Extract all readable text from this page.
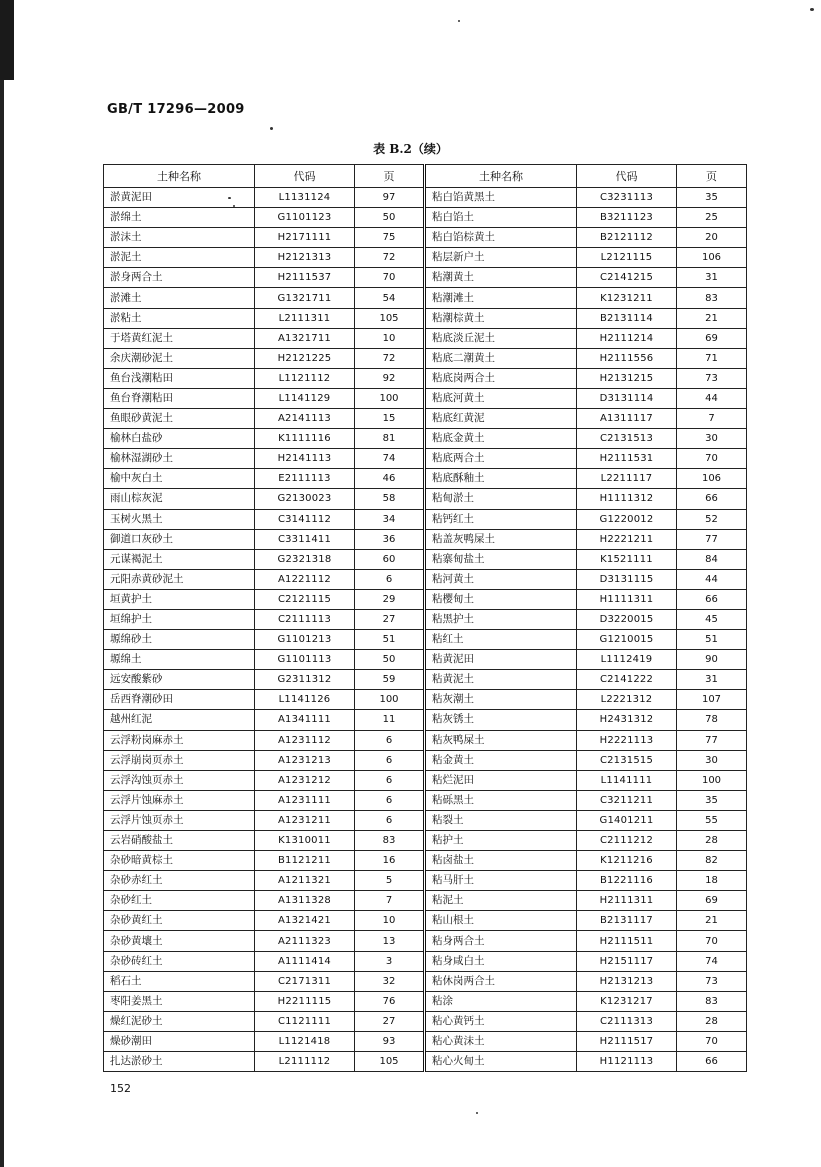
GB/T 17296—2009
表 B.2（续）
土种名称	代码	页	土种名称	代码	页
淤黄泥田	L1131124	97	粘白馅黄黑土	C3231113	35
淤绵土	G1101123	50	粘白馅土	B3211123	25
淤沫土	H2171111	75	粘白馅棕黄土	B2121112	20
淤泥土	H2121313	72	粘层新户土	L2121115	106
淤身两合土	H2111537	70	粘潮黄土	C2141215	31
淤滩土	G1321711	54	粘潮滩土	K1231211	83
淤粘土	L2111311	105	粘潮棕黄土	B2131114	21
于塔黄红泥土	A1321711	10	粘底淡丘泥土	H2111214	69
余庆潮砂泥土	H2121225	72	粘底二潮黄土	H2111556	71
鱼台浅潮粘田	L1121112	92	粘底岗两合土	H2131215	73
鱼台脊潮粘田	L1141129	100	粘底河黄土	D3131114	44
鱼眼砂黄泥土	A2141113	15	粘底红黄泥	A1311117	7
榆林白盐砂	K1111116	81	粘底金黄土	C2131513	30
榆林湿湖砂土	H2141113	74	粘底两合土	H2111531	70
榆中灰白土	E2111113	46	粘底酥釉土	L2211117	106
雨山棕灰泥	G2130023	58	粘甸淤土	H1111312	66
玉树火黑土	C3141112	34	粘钙红土	G1220012	52
御道口灰砂土	C3311411	36	粘盖灰鸭屎土	H2221211	77
元谋褐泥土	G2321318	60	粘寨甸盐土	K1521111	84
元阳赤黄砂泥土	A1221112	6	粘河黄土	D3131115	44
垣黄护土	C2121115	29	粘樱甸土	H1111311	66
垣绵护土	C2111113	27	粘黑护土	D3220015	45
塬绵砂土	G1101213	51	粘红土	G1210015	51
塬绵土	G1101113	50	粘黄泥田	L1112419	90
远安酸紫砂	G2311312	59	粘黄泥土	C2141222	31
岳西脊潮砂田	L1141126	100	粘灰潮土	L2221312	107
越州红泥	A1341111	11	粘灰锈土	H2431312	78
云浮粉岗麻赤土	A1231112	6	粘灰鸭屎土	H2221113	77
云浮崩岗页赤土	A1231213	6	粘金黄土	C2131515	30
云浮沟蚀页赤土	A1231212	6	粘烂泥田	L1141111	100
云浮片蚀麻赤土	A1231111	6	粘砾黑土	C3211211	35
云浮片蚀页赤土	A1231211	6	粘裂土	G1401211	55
云岩硝酸盐土	K1310011	83	粘护土	C2111212	28
杂砂暗黄棕土	B1121211	16	粘卤盐土	K1211216	82
杂砂赤红土	A1211321	5	粘马肝土	B1221116	18
杂砂红土	A1311328	7	粘泥土	H2111311	69
杂砂黄红土	A1321421	10	粘山根土	B2131117	21
杂砂黄壤土	A2111323	13	粘身两合土	H2111511	70
杂砂砖红土	A1111414	3	粘身咸白土	H2151117	74
稻石土	C2171311	32	粘休岗两合土	H2131213	73
枣阳姜黑土	H2211115	76	粘涂	K1231217	83
燥红泥砂土	C1121111	27	粘心黄钙土	C2111313	28
燥砂潮田	L1121418	93	粘心黄沫土	H2111517	70
扎达淤砂土	L2111112	105	粘心火甸土	H1121113	66
152
